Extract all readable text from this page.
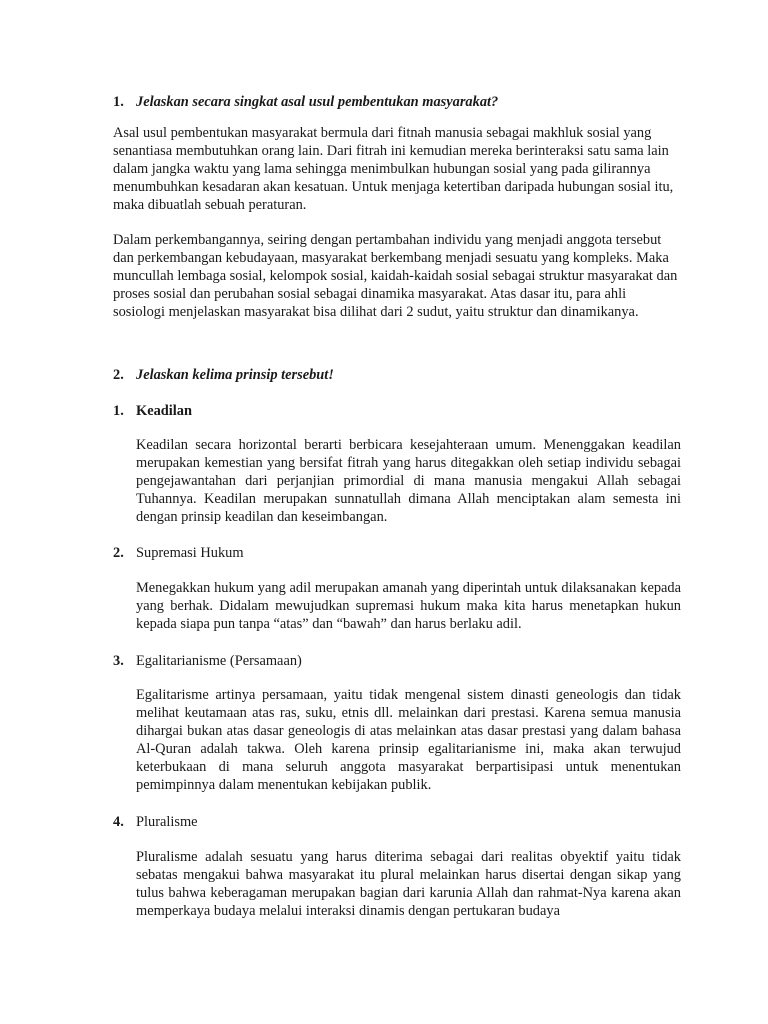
1. Jelaskan secara singkat asal usul pembentukan masyarakat?
Asal usul pembentukan masyarakat bermula dari fitnah manusia sebagai makhluk sosial yang senantiasa membutuhkan orang lain. Dari fitrah ini kemudian mereka berinteraksi satu sama lain dalam jangka waktu yang lama sehingga menimbulkan hubungan sosial yang pada gilirannya menumbuhkan kesadaran akan kesatuan. Untuk menjaga ketertiban daripada hubungan sosial itu, maka dibuatlah sebuah peraturan.
Dalam perkembangannya, seiring dengan pertambahan individu yang menjadi anggota tersebut dan perkembangan kebudayaan, masyarakat berkembang menjadi sesuatu yang kompleks. Maka muncullah lembaga sosial, kelompok sosial, kaidah-kaidah sosial sebagai struktur masyarakat dan proses sosial dan perubahan sosial sebagai dinamika masyarakat. Atas dasar itu, para ahli sosiologi menjelaskan masyarakat bisa dilihat dari 2 sudut, yaitu struktur dan dinamikanya.
2. Jelaskan kelima prinsip tersebut!
1. Keadilan
Keadilan secara horizontal berarti berbicara kesejahteraan umum. Menenggakan keadilan merupakan kemestian yang bersifat fitrah yang harus ditegakkan oleh setiap individu sebagai pengejawantahan dari perjanjian primordial di mana manusia mengakui Allah sebagai Tuhannya. Keadilan merupakan sunnatullah dimana Allah menciptakan alam semesta ini dengan prinsip keadilan dan keseimbangan.
2. Supremasi Hukum
Menegakkan hukum yang adil merupakan amanah yang diperintah untuk dilaksanakan kepada yang berhak. Didalam mewujudkan supremasi hukum maka kita harus menetapkan hukun kepada siapa pun tanpa “atas” dan “bawah” dan harus berlaku adil.
3. Egalitarianisme (Persamaan)
Egalitarisme artinya persamaan, yaitu tidak mengenal sistem dinasti geneologis dan tidak melihat keutamaan atas ras, suku, etnis dll. melainkan dari prestasi. Karena semua manusia dihargai bukan atas dasar geneologis di atas melainkan atas dasar prestasi yang dalam bahasa Al-Quran adalah takwa. Oleh karena prinsip egalitarianisme ini, maka akan terwujud keterbukaan di mana seluruh anggota masyarakat berpartisipasi untuk menentukan pemimpinnya dalam menentukan kebijakan publik.
4. Pluralisme
Pluralisme adalah sesuatu yang harus diterima sebagai dari realitas obyektif yaitu tidak sebatas mengakui bahwa masyarakat itu plural melainkan harus disertai dengan sikap yang tulus bahwa keberagaman merupakan bagian dari karunia Allah dan rahmat-Nya karena akan memperkaya budaya melalui interaksi dinamis dengan pertukaran budaya
